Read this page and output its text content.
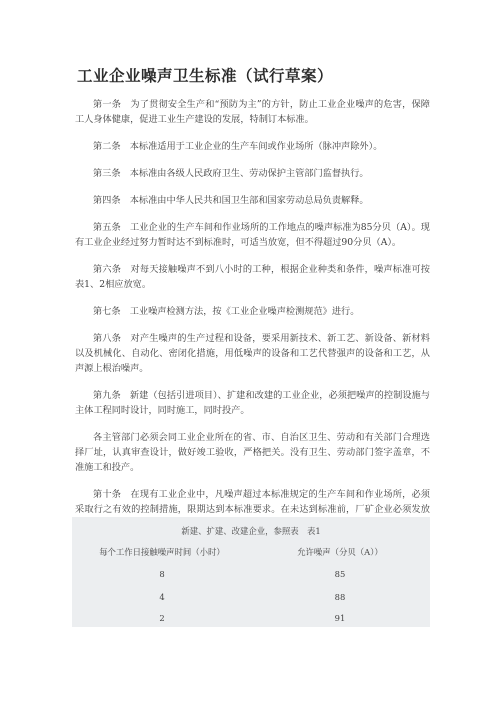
工业企业噪声卫生标准（试行草案）

第一条　为了贯彻安全生产和“预防为主”的方针，防止工业企业噪声的危害，保障工人身体健康，促进工业生产建设的发展，特制订本标准。

第二条　本标准适用于工业企业的生产车间或作业场所（脉冲声除外）。

第三条　本标准由各级人民政府卫生、劳动保护主管部门监督执行。

第四条　本标准由中华人民共和国卫生部和国家劳动总局负责解释。

第五条　工业企业的生产车间和作业场所的工作地点的噪声标准为85分贝（A）。现有工业企业经过努力暂时达不到标准时，可适当放宽，但不得超过90分贝（A）。

第六条　对每天接触噪声不到八小时的工种，根据企业种类和条件，噪声标准可按表1、2相应放宽。

第七条　工业噪声检测方法，按《工业企业噪声检测规范》进行。

第八条　对产生噪声的生产过程和设备，要采用新技术、新工艺、新设备、新材料以及机械化、自动化、密闭化措施，用低噪声的设备和工艺代替强声的设备和工艺，从声源上根治噪声。

第九条　新建（包括引进项目）、扩建和改建的工业企业，必须把噪声的控制设施与主体工程同时设计，同时施工，同时投产。

各主管部门必须会同工业企业所在的省、市、自治区卫生、劳动和有关部门合理选择厂址，认真审查设计，做好竣工验收，严格把关。没有卫生、劳动部门签字盖章，不准施工和投产。

第十条　在现有工业企业中，凡噪声超过本标准规定的生产车间和作业场所，必须采取行之有效的控制措施，限期达到本标准要求。在未达到标准前，厂矿企业必须发放

新建、扩建、改建企业，参照表　表1
每个工作日接触噪声时间（小时）	允许噪声（分贝（A））
8	85
4	88
2	91
